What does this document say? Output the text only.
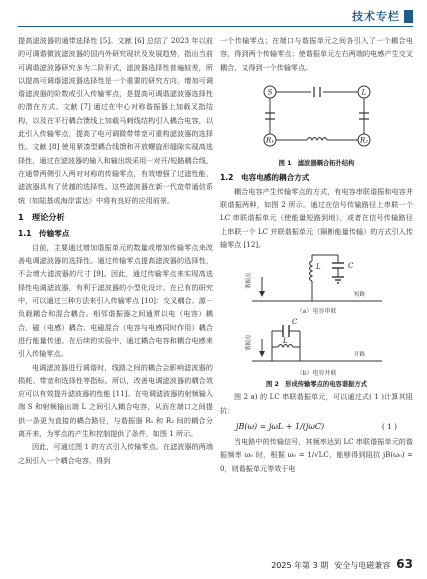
技术专栏

提高滤波器的通带选择性 [5]。文献 [6] 总结了 2023 年以前的可调谐微波滤波器的国内外研究现状及发展趋势，指出当前可调谐滤波器研究多为二阶形式，滤波器选择性普遍较差，所以提高可调谐滤波器选择性是一个重要的研究方向，增加可调谐滤波器的阶数或引入传输零点，是提高可调谐滤波器选择性的潜在方式。文献 [7] 通过在中心对称谐振器上加载叉指结构，以及在平行耦合馈线上加载马刺线结构引入耦合电容，以此引入传输零点，提高了电可调微带带宽可重构滤波器的选择性。文献 [8] 使用紧凑型耦合线馈和开放螺旋形缝隙实现高选择性，通过在滤波器的输入和输出级采用一对开/短路耦合线，在通带两侧引入两对对称的传输零点，有效增强了过滤性能，滤波器具有了优越的选择性。这些滤波器在新一代宽带通信系统（如陆基或海岸雷达）中将有良好的应用前景。

1　理论分析
1.1　传输零点

目前，主要通过增加谐振单元的数量或增加传输零点来改善电调滤波器的选择性。通过传输零点提高滤波器的选择性，不会增大滤波器的尺寸 [9]。因此，通过传输零点来实现高选择性电调滤波器，有利于滤波器的小型化设计。在已有的研究中，可以通过三种方法来引入传输零点 [10]：交叉耦合、源－负载耦合和混合耦合。相邻谐振器之间通常以电（电容）耦合、磁（电感）耦合、电磁混合（电容与电感同时作用）耦合进行能量传递。在后续的实验中，通过耦合电容和耦合电感来引入传输零点。

电调滤波器进行调谐时，线路之间的耦合会影响滤波器的损耗、带宽和选择性等指标。所以，改善电调滤波器的耦合效应可以有效提升滤波器的性能 [11]。在电调滤波器的射频输入端 S 和射频输出端 L 之间引入耦合电容，从而在端口之间提供一条更为直接的耦合路径，与谐振器 R₁ 和 R₂ 间的耦合分离开来，为零点的产生和控制提供了条件，如图 1 所示。

因此，可通过图 1 的方式引入传输零点。在滤波器的两端之间引入一个耦合电容，得到

一个传输零点；在端口与谐振单元之间各引入了一个耦合电容，得到两个传输零点；使谐振单元左右两端的电感产生交叉耦合，又得到一个传输零点。

S	L
R₁	R₂
图 1　滤波器耦合拓扑结构
1.2　电容电感的耦合方式

耦合电容产生传输零点的方式，有电容串联谐振和电容并联谐振两种，如图 2 所示。通过在信号传输路径上串联一个 LC 串联谐振单元（使能量短路到地），或者在信号传输路径上串联一个 LC 并联谐振单元（隔断能量传输）的方式引入传输零点 [12]。

L	C
谐振点
短路
（a）电容串联
L
C
谐振点
开路
（b）电容并联
图 2　形成传输零点的电容谐振方式

图 2 a) 的 LC 串联谐振单元，可以通过式( 1 )计算其阻抗：

jB(ω) = jωL + 1/(jωC)	( 1 )

当电路中的传输信号，其频率达到 LC 串联谐振单元的谐振频率 ω₀ 时，根据 ω₀ = 1/√LC，能够得到阻抗 jB(ω₀) = 0，则谐振单元等效于电

2025 年第 3 期 安全与电磁兼容 63
